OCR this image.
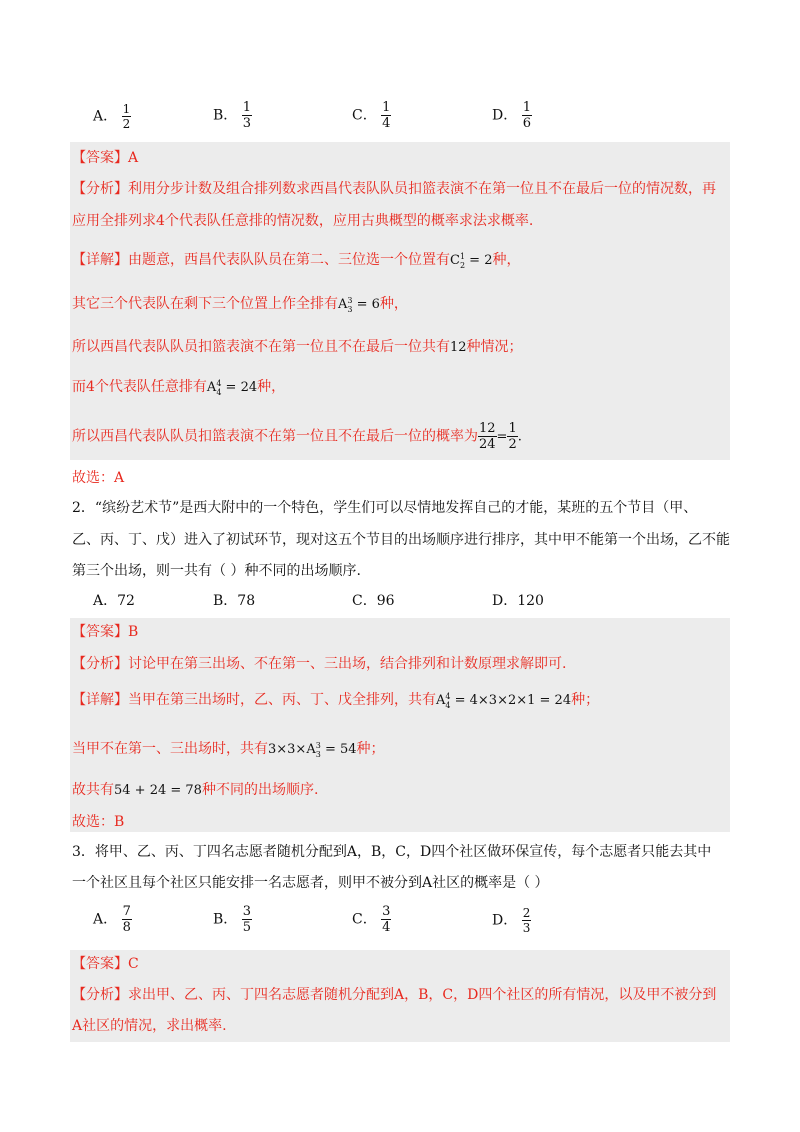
A． $\frac{1}{2}$	B． $\frac{1}{3}$	C． $\frac{1}{4}$	D． $\frac{1}{6}$
【答案】A
【分析】利用分步计数及组合排列数求西昌代表队队员扣篮表演不在第一位且不在最后一位的情况数，再
应用全排列求4个代表队任意排的情况数，应用古典概型的概率求法求概率.
【详解】由题意，西昌代表队队员在第二、三位选一个位置有C 1
2 = 2种，
其它三个代表队在剩下三个位置上作全排有A 3
3 = 6种，
所以西昌代表队队员扣篮表演不在第一位且不在最后一位共有12种情况；
而4个代表队任意排有A 4
4 = 24种，
所以西昌代表队队员扣篮表演不在第一位且不在最后一位的概率为 $\frac{12}{24} = \frac{1}{2}$ .
故选：A
2．“缤纷艺术节”是西大附中的一个特色，学生们可以尽情地发挥自己的才能，某班的五个节目（甲、
乙、丙、丁、戊）进入了初试环节，现对这五个节目的出场顺序进行排序，其中甲不能第一个出场，乙不能
第三个出场，则一共有（ ）种不同的出场顺序.
A．72	B．78	C．96	D．120
【答案】B
【分析】讨论甲在第三出场、不在第一、三出场，结合排列和计数原理求解即可.
【详解】当甲在第三出场时，乙、丙、丁、戊全排列，共有A 4
4 = 4×3×2×1 = 24种；
当甲不在第一、三出场时，共有3×3×A 3
3 = 54种；
故共有54 + 24 = 78种不同的出场顺序.
故选：B
3．将甲、乙、丙、丁四名志愿者随机分配到A，B，C，D四个社区做环保宣传，每个志愿者只能去其中
一个社区且每个社区只能安排一名志愿者，则甲不被分到A社区的概率是（ ）
A． $\frac{7}{8}$	B． $\frac{3}{5}$	C． $\frac{3}{4}$	D． $\frac{2}{3}$
【答案】C
【分析】求出甲、乙、丙、丁四名志愿者随机分配到A，B，C，D四个社区的所有情况，以及甲不被分到
A社区的情况，求出概率.
